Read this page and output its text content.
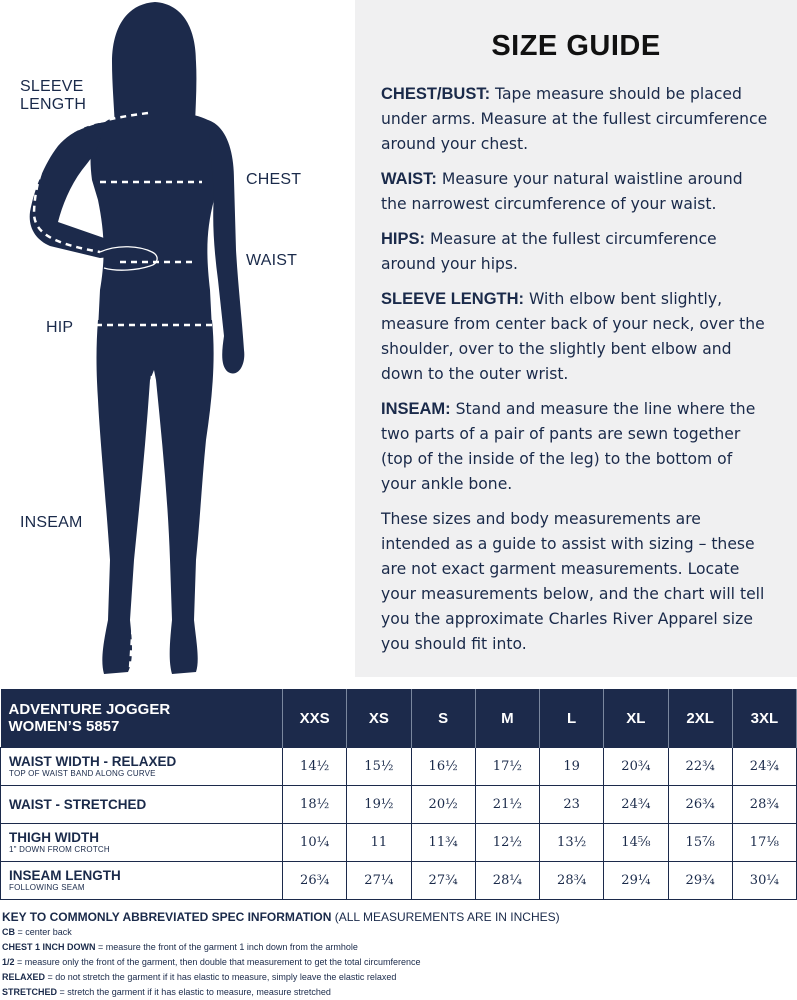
SLEEVE
LENGTH
CHEST
WAIST
HIP
INSEAM
SIZE GUIDE

CHEST/BUST: Tape measure should be placed under arms. Measure at the fullest circumference around your chest.

WAIST: Measure your natural waistline around the narrowest circumference of your waist.

HIPS: Measure at the fullest circumference around your hips.

SLEEVE LENGTH: With elbow bent slightly, measure from center back of your neck, over the shoulder, over to the slightly bent elbow and down to the outer wrist.

INSEAM: Stand and measure the line where the two parts of a pair of pants are sewn together (top of the inside of the leg) to the bottom of your ankle bone.

These sizes and body measurements are intended as a guide to assist with sizing – these are not exact garment measurements. Locate your measurements below, and the chart will tell you the approximate Charles River Apparel size you should fit into.

ADVENTURE JOGGER
WOMEN’S 5857	XXS	XS	S	M	L	XL	2XL	3XL

WAIST WIDTH - RELAXED
TOP OF WAIST BAND ALONG CURVE	14½	15½	16½	17½	19	20¾	22¾	24¾

WAIST - STRETCHED	18½	19½	20½	21½	23	24¾	26¾	28¾

THIGH WIDTH
1" DOWN FROM CROTCH	10¼	11	11¾	12½	13½	14⅝	15⅞	17⅛

INSEAM LENGTH
FOLLOWING SEAM	26¾	27¼	27¾	28¼	28¾	29¼	29¾	30¼
KEY TO COMMONLY ABBREVIATED SPEC INFORMATION (ALL MEASUREMENTS ARE IN INCHES)
CB = center back
CHEST 1 INCH DOWN = measure the front of the garment 1 inch down from the armhole
1/2 = measure only the front of the garment, then double that measurement to get the total circumference
RELAXED = do not stretch the garment if it has elastic to measure, simply leave the elastic relaxed
STRETCHED = stretch the garment if it has elastic to measure, measure stretched
